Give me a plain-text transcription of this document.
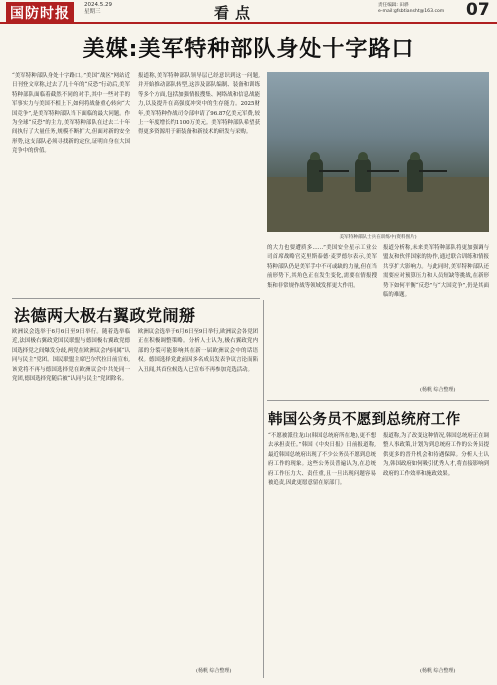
国防时报
2024.5.29
星期三	看点	责任编辑: 田骅
e-mail:gfsbtiansht@163.com 07
美媒:美军特种部队身处十字路口
“美军特种部队身处十字路口。”美国“战区”网站近日刊登文章称,过去了几十年的“反恐”行动后,美军特种部队面临着截然不同的对手,其中一些对手的军事实力与美国不相上下,如何将战备重心转向“大国竞争”,是美军特种部队当下面临的最大问题。作为全球“反恐”的主力,美军特种部队在过去二十年间执行了大量任务,规模不断扩大,但面对新的安全形势,这支部队必须寻找新的定位,证明自身在大国竞争中的价值。
报道称,美军特种部队领导层已经意识到这一问题,并开始推动部队转型,这涉及部队编制、装备和训练等多个方面,包括加强情报搜集、网络战和信息战能力,以及提升在高强度冲突中的生存能力。2025财年,美军特种作战司令部申请了96.87亿美元军费,较上一年度增长约1100万美元。美军特种部队希望获得更多资源用于新装备和新技术的研发与采购。
美军特种部队士兵在训练中(资料图片)
的大力也要遭质多……”美国安全星示工业公司首席战略官克里斯泰德·麦罗德尔表示,美军特种部队仍是美军手中不可或缺的力量,但在当前形势下,其角色正在发生变化,需要在情报搜集和非常规作战等领域发挥更大作用。
报道分析称,未来美军特种部队将更加强调与盟友和伙伴国家的协作,通过联合训练和情报共享扩大影响力。与此同时,美军特种部队还需要应对预算压力和人员短缺等挑战,在新形势下如何平衡“反恐”与“大国竞争”,仍是其面临的难题。
(杨帆 综合整理)
法德两大极右翼政党闹掰
欧洲议会选举于6月6日至9日举行。随着选举临近,法国极右翼政党国民联盟与德国极右翼政党德国选择党之间爆发分歧,两党在欧洲议会内同属“认同与民主”党团。国民联盟主席巴尔代拉日前宣布,该党将不再与德国选择党在欧洲议会中共处同一党团,德国选择党随后被“认同与民主”党团除名。
欧洲议会选举于6月6日至9日举行,欧洲议会各党团正在积极调整策略。分析人士认为,极右翼政党内部的分裂可能影响其在新一届欧洲议会中的话语权。德国选择党此前因多名成员发表争议言论而陷入丑闻,其首位候选人已宣布不再参加竞选活动。
(杨帆 综合整理)
韩国公务员不愿到总统府工作
“不愿被派往龙山(韩国总统府所在地),更不想去承担责任。”韩国《中央日报》日前报道称,最近韩国总统府出现了不少公务员不愿到总统府工作的现象。这些公务员普遍认为,在总统府工作压力大、责任重,且一旦出现问题容易被追责,因此更愿意留在原部门。
报道称,为了改变这种情况,韩国总统府正在调整人事政策,计划为到总统府工作的公务员提供更多的晋升机会和待遇保障。分析人士认为,韩国政府如何吸引优秀人才,将直接影响到政府的工作效率和施政效果。
(杨帆 综合整理)
